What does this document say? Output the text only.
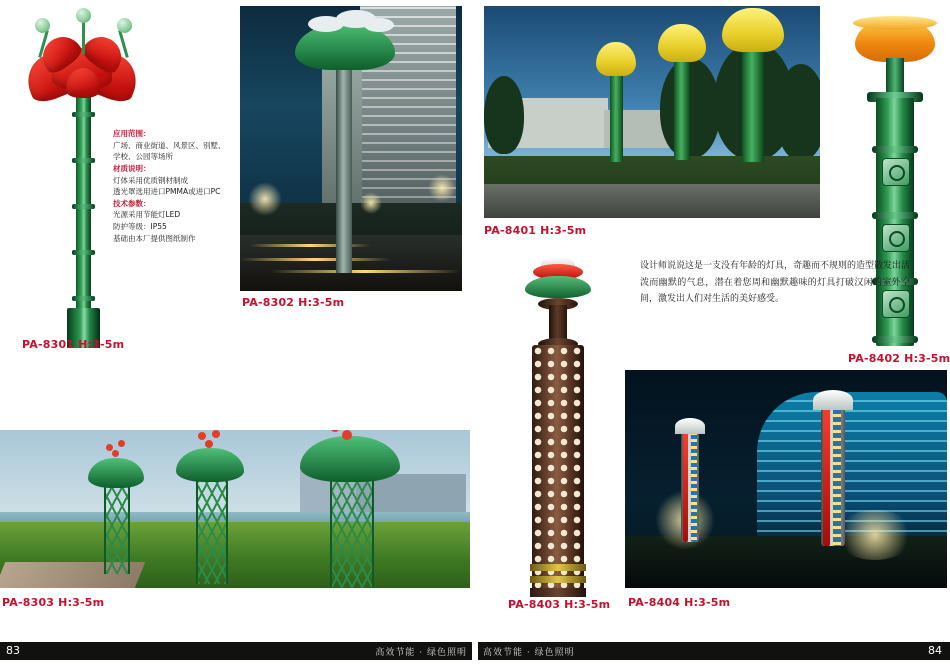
应用范围：
广场、商业街道、风景区、别墅、
学校、公园等场所
材质说明：
灯体采用优质钢材制成
透光罩选用进口PMMA或进口PC
技术参数：
光源采用节能灯LED
防护等级：IP55
基础由本厂提供图纸制作
PA-8301 H:3-5m
PA-8302 H:3-5m
PA-8401 H:3-5m
PA-8402 H:3-5m
设计师说说这是一支没有年龄的灯具，奇趣而不规则的造型散发出活泼而幽默的气息，潜在着您周和幽默趣味的灯具打破汉闲的室外空间，激发出人们对生活的美好感受。
PA-8403 H:3-5m
PA-8303 H:3-5m	PA-8404 H:3-5m
83	高效节能 · 绿色照明 高效节能 · 绿色照明	84
